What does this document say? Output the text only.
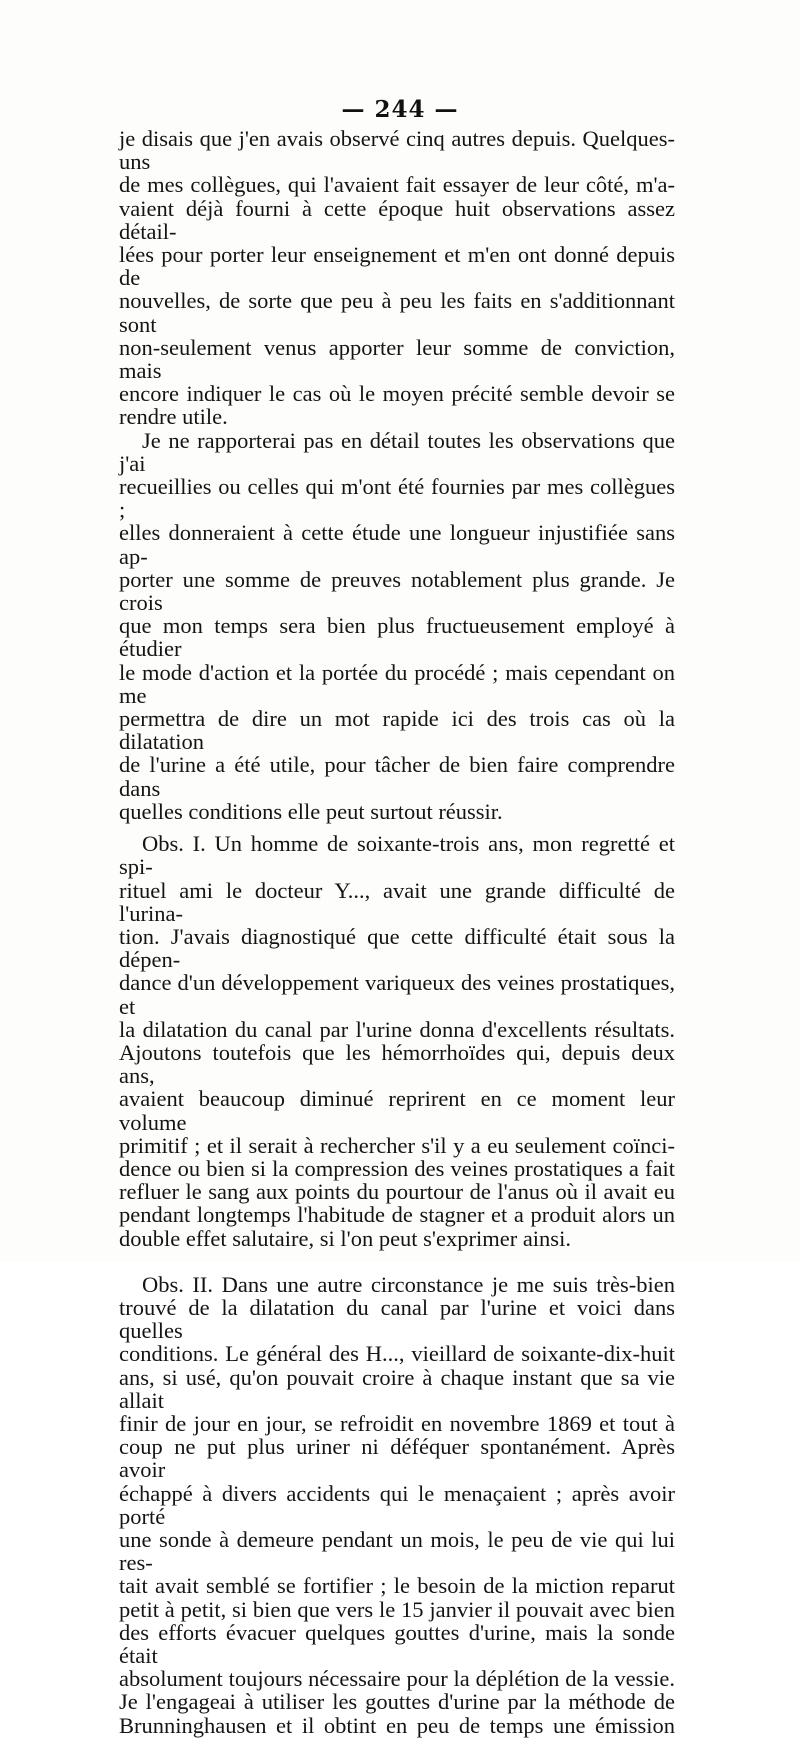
— 244 —

je disais que j'en avais observé cinq autres depuis. Quelques-uns

de mes collègues, qui l'avaient fait essayer de leur côté, m'a-

vaient déjà fourni à cette époque huit observations assez détail-

lées pour porter leur enseignement et m'en ont donné depuis de

nouvelles, de sorte que peu à peu les faits en s'additionnant sont

non-seulement venus apporter leur somme de conviction, mais

encore indiquer le cas où le moyen précité semble devoir se

rendre utile.

Je ne rapporterai pas en détail toutes les observations que j'ai

recueillies ou celles qui m'ont été fournies par mes collègues ;

elles donneraient à cette étude une longueur injustifiée sans ap-

porter une somme de preuves notablement plus grande. Je crois

que mon temps sera bien plus fructueusement employé à étudier

le mode d'action et la portée du procédé ; mais cependant on me

permettra de dire un mot rapide ici des trois cas où la dilatation

de l'urine a été utile, pour tâcher de bien faire comprendre dans

quelles conditions elle peut surtout réussir.

Obs. I. Un homme de soixante-trois ans, mon regretté et spi-

rituel ami le docteur Y..., avait une grande difficulté de l'urina-

tion. J'avais diagnostiqué que cette difficulté était sous la dépen-

dance d'un développement variqueux des veines prostatiques, et

la dilatation du canal par l'urine donna d'excellents résultats.

Ajoutons toutefois que les hémorrhoïdes qui, depuis deux ans,

avaient beaucoup diminué reprirent en ce moment leur volume

primitif ; et il serait à rechercher s'il y a eu seulement coïnci-

dence ou bien si la compression des veines prostatiques a fait

refluer le sang aux points du pourtour de l'anus où il avait eu

pendant longtemps l'habitude de stagner et a produit alors un

double effet salutaire, si l'on peut s'exprimer ainsi.

Obs. II. Dans une autre circonstance je me suis très-bien

trouvé de la dilatation du canal par l'urine et voici dans quelles

conditions. Le général des H..., vieillard de soixante-dix-huit

ans, si usé, qu'on pouvait croire à chaque instant que sa vie allait

finir de jour en jour, se refroidit en novembre 1869 et tout à

coup ne put plus uriner ni déféquer spontanément. Après avoir

échappé à divers accidents qui le menaçaient ; après avoir porté

une sonde à demeure pendant un mois, le peu de vie qui lui res-

tait avait semblé se fortifier ; le besoin de la miction reparut

petit à petit, si bien que vers le 15 janvier il pouvait avec bien

des efforts évacuer quelques gouttes d'urine, mais la sonde était

absolument toujours nécessaire pour la déplétion de la vessie.

Je l'engageai à utiliser les gouttes d'urine par la méthode de

Brunninghausen et il obtint en peu de temps une émission
